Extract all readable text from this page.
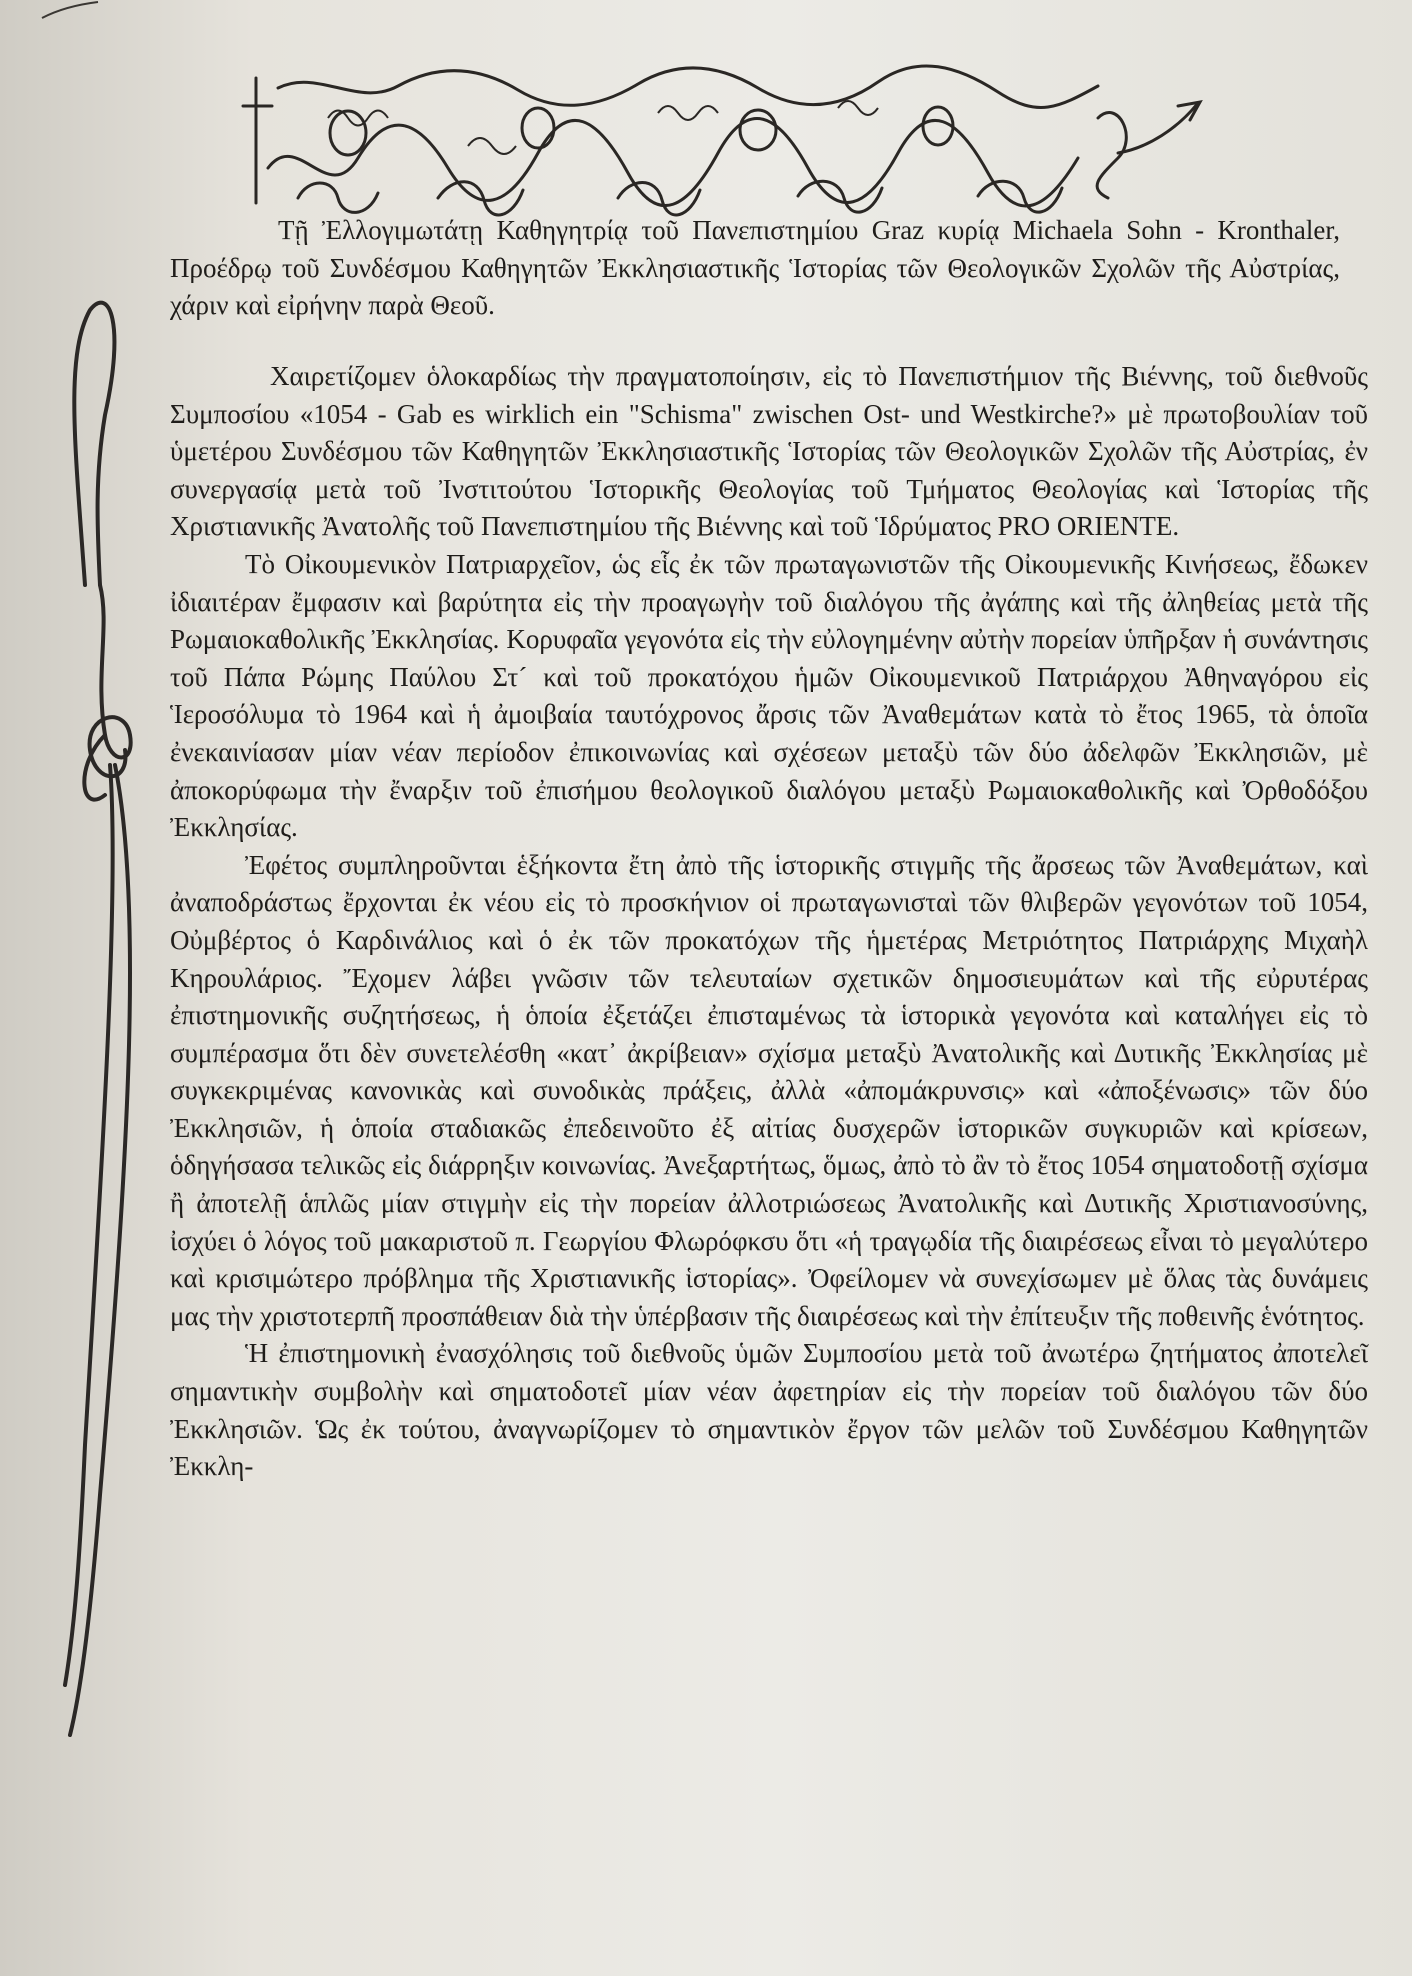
Τῇ Ἐλλογιμωτάτῃ Καθηγητρίᾳ τοῦ Πανεπιστημίου Graz κυρίᾳ Michaela Sohn - Kronthaler, Προέδρῳ τοῦ Συνδέσμου Καθηγητῶν Ἐκκλησιαστικῆς Ἱστορίας τῶν Θεολογικῶν Σχολῶν τῆς Αὐστρίας, χάριν καὶ εἰρήνην παρὰ Θεοῦ.

Χαιρετίζομεν ὁλοκαρδίως τὴν πραγματοποίησιν, εἰς τὸ Πανεπιστήμιον τῆς Βιέννης, τοῦ διεθνοῦς Συμποσίου «1054 - Gab es wirklich ein "Schisma" zwischen Ost- und Westkirche?» μὲ πρωτοβουλίαν τοῦ ὑμετέρου Συνδέσμου τῶν Καθηγητῶν Ἐκκλησιαστικῆς Ἱστορίας τῶν Θεολογικῶν Σχολῶν τῆς Αὐστρίας, ἐν συνεργασίᾳ μετὰ τοῦ Ἰνστιτούτου Ἱστορικῆς Θεολογίας τοῦ Τμήματος Θεολογίας καὶ Ἱστορίας τῆς Χριστιανικῆς Ἀνατολῆς τοῦ Πανεπιστημίου τῆς Βιέννης καὶ τοῦ Ἱδρύματος PRO ORIENTE.

Τὸ Οἰκουμενικὸν Πατριαρχεῖον, ὡς εἷς ἐκ τῶν πρωταγωνιστῶν τῆς Οἰκουμενικῆς Κινήσεως, ἔδωκεν ἰδιαιτέραν ἔμφασιν καὶ βαρύτητα εἰς τὴν προαγωγὴν τοῦ διαλόγου τῆς ἀγάπης καὶ τῆς ἀληθείας μετὰ τῆς Ρωμαιοκαθολικῆς Ἐκκλησίας. Κορυφαῖα γεγονότα εἰς τὴν εὐλογημένην αὐτὴν πορείαν ὑπῆρξαν ἡ συνάντησις τοῦ Πάπα Ρώμης Παύλου Στ´ καὶ τοῦ προκατόχου ἡμῶν Οἰκουμενικοῦ Πατριάρχου Ἀθηναγόρου εἰς Ἱεροσόλυμα τὸ 1964 καὶ ἡ ἀμοιβαία ταυτόχρονος ἄρσις τῶν Ἀναθεμάτων κατὰ τὸ ἔτος 1965, τὰ ὁποῖα ἐνεκαινίασαν μίαν νέαν περίοδον ἐπικοινωνίας καὶ σχέσεων μεταξὺ τῶν δύο ἀδελφῶν Ἐκκλησιῶν, μὲ ἀποκορύφωμα τὴν ἔναρξιν τοῦ ἐπισήμου θεολογικοῦ διαλόγου μεταξὺ Ρωμαιοκαθολικῆς καὶ Ὀρθοδόξου Ἐκκλησίας.

Ἐφέτος συμπληροῦνται ἑξήκοντα ἔτη ἀπὸ τῆς ἱστορικῆς στιγμῆς τῆς ἄρσεως τῶν Ἀναθεμάτων, καὶ ἀναποδράστως ἔρχονται ἐκ νέου εἰς τὸ προσκήνιον οἱ πρωταγωνισταὶ τῶν θλιβερῶν γεγονότων τοῦ 1054, Οὐμβέρτος ὁ Καρδινάλιος καὶ ὁ ἐκ τῶν προκατόχων τῆς ἡμετέρας Μετριότητος Πατριάρχης Μιχαὴλ Κηρουλάριος. Ἔχομεν λάβει γνῶσιν τῶν τελευταίων σχετικῶν δημοσιευμάτων καὶ τῆς εὐρυτέρας ἐπιστημονικῆς συζητήσεως, ἡ ὁποία ἐξετάζει ἐπισταμένως τὰ ἱστορικὰ γεγονότα καὶ καταλήγει εἰς τὸ συμπέρασμα ὅτι δὲν συνετελέσθη «κατ᾽ ἀκρίβειαν» σχίσμα μεταξὺ Ἀνατολικῆς καὶ Δυτικῆς Ἐκκλησίας μὲ συγκεκριμένας κανονικὰς καὶ συνοδικὰς πράξεις, ἀλλὰ «ἀπομάκρυνσις» καὶ «ἀποξένωσις» τῶν δύο Ἐκκλησιῶν, ἡ ὁποία σταδιακῶς ἐπεδεινοῦτο ἐξ αἰτίας δυσχερῶν ἱστορικῶν συγκυριῶν καὶ κρίσεων, ὁδηγήσασα τελικῶς εἰς διάρρηξιν κοινωνίας. Ἀνεξαρτήτως, ὅμως, ἀπὸ τὸ ἂν τὸ ἔτος 1054 σηματοδοτῇ σχίσμα ἢ ἀποτελῇ ἁπλῶς μίαν στιγμὴν εἰς τὴν πορείαν ἀλλοτριώσεως Ἀνατολικῆς καὶ Δυτικῆς Χριστιανοσύνης, ἰσχύει ὁ λόγος τοῦ μακαριστοῦ π. Γεωργίου Φλωρόφκσυ ὅτι «ἡ τραγῳδία τῆς διαιρέσεως εἶναι τὸ μεγαλύτερο καὶ κρισιμώτερο πρόβλημα τῆς Χριστιανικῆς ἱστορίας». Ὀφείλομεν νὰ συνεχίσωμεν μὲ ὅλας τὰς δυνάμεις μας τὴν χριστοτερπῆ προσπάθειαν διὰ τὴν ὑπέρβασιν τῆς διαιρέσεως καὶ τὴν ἐπίτευξιν τῆς ποθεινῆς ἑνότητος.

Ἡ ἐπιστημονικὴ ἐνασχόλησις τοῦ διεθνοῦς ὑμῶν Συμποσίου μετὰ τοῦ ἀνωτέρω ζητήματος ἀποτελεῖ σημαντικὴν συμβολὴν καὶ σηματοδοτεῖ μίαν νέαν ἀφετηρίαν εἰς τὴν πορείαν τοῦ διαλόγου τῶν δύο Ἐκκλησιῶν. Ὡς ἐκ τούτου, ἀναγνωρίζομεν τὸ σημαντικὸν ἔργον τῶν μελῶν τοῦ Συνδέσμου Καθηγητῶν Ἐκκλη-
